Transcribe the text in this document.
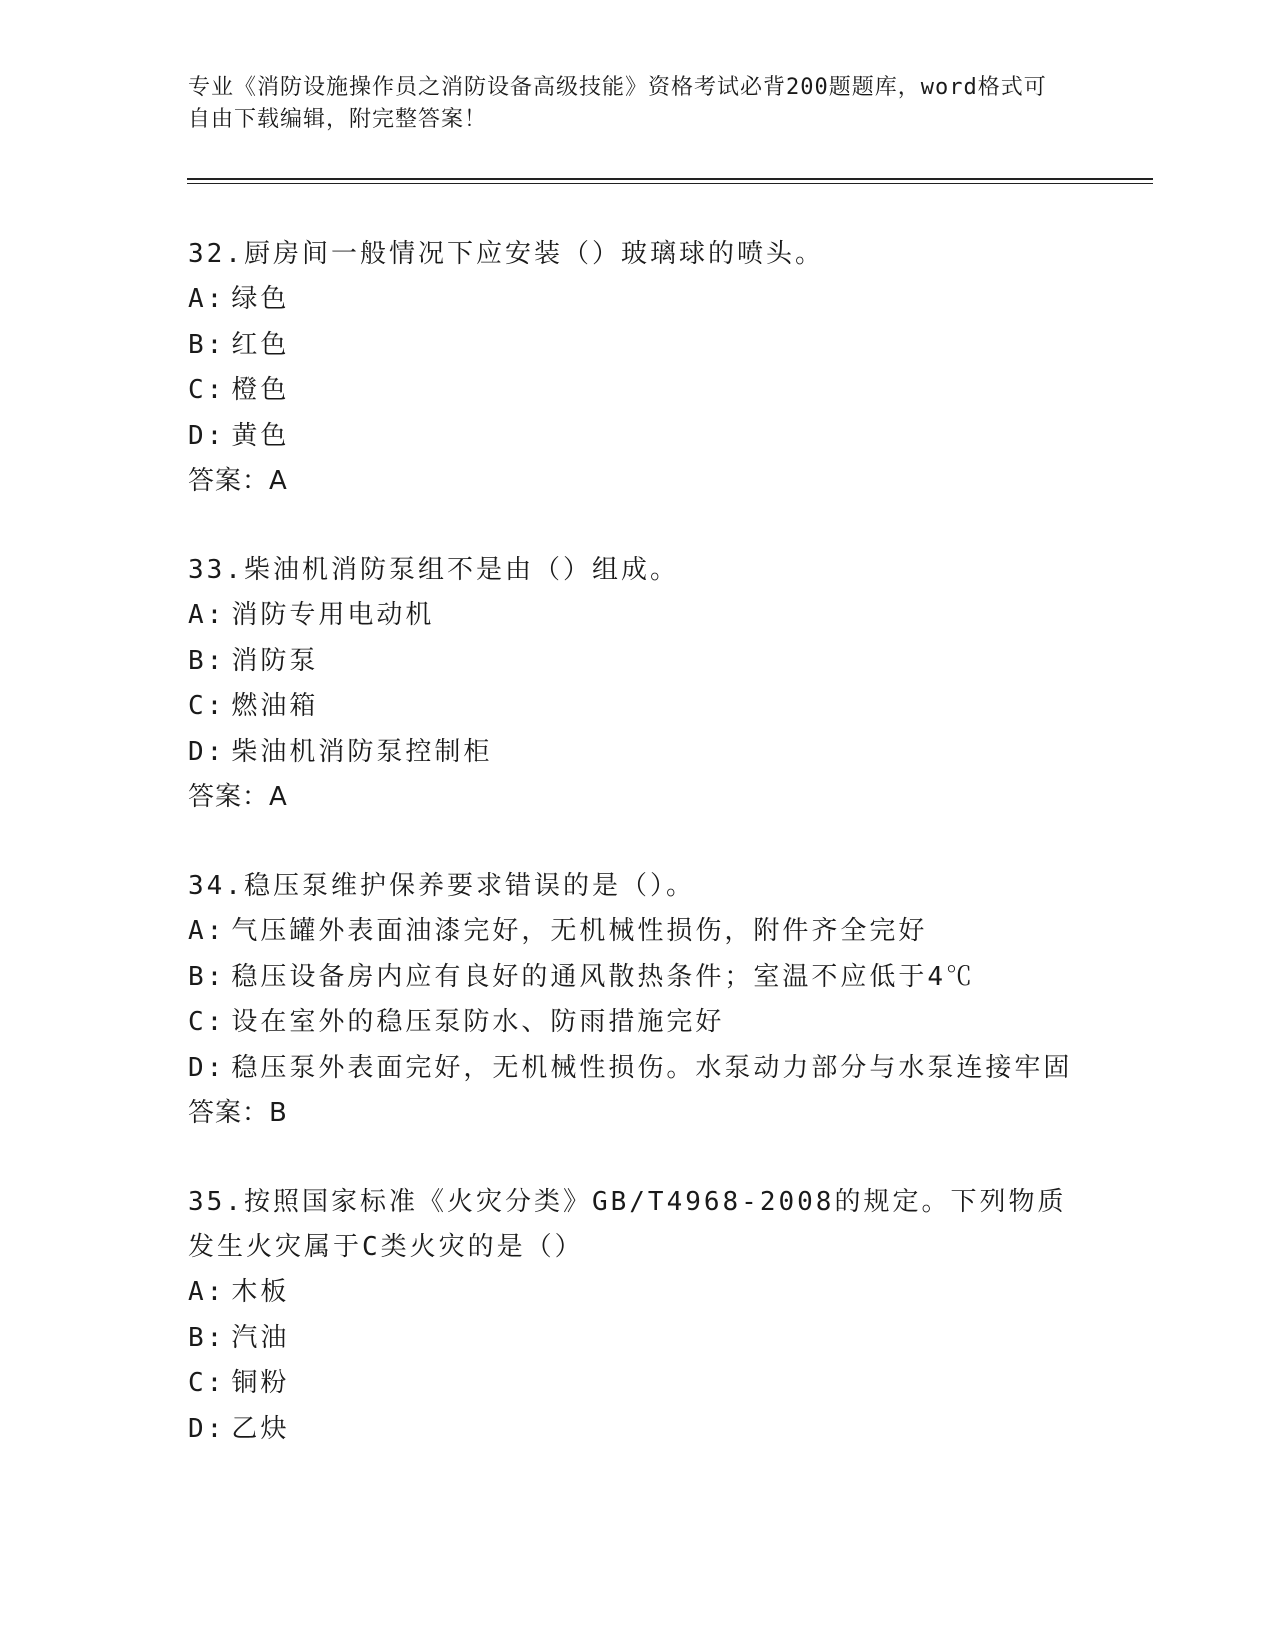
专业《消防设施操作员之消防设备高级技能》资格考试必背200题题库，word格式可自由下载编辑，附完整答案！
32.厨房间一般情况下应安装（）玻璃球的喷头。
A: 绿色
B: 红色
C: 橙色
D: 黄色
答案：A
33.柴油机消防泵组不是由（）组成。
A: 消防专用电动机
B: 消防泵
C: 燃油箱
D: 柴油机消防泵控制柜
答案：A
34.稳压泵维护保养要求错误的是（）。
A: 气压罐外表面油漆完好，无机械性损伤，附件齐全完好
B: 稳压设备房内应有良好的通风散热条件；室温不应低于4℃
C: 设在室外的稳压泵防水、防雨措施完好
D: 稳压泵外表面完好，无机械性损伤。水泵动力部分与水泵连接牢固
答案：B
35.按照国家标准《火灾分类》GB/T4968-2008的规定。下列物质发生火灾属于C类火灾的是（）
A: 木板
B: 汽油
C: 铜粉
D: 乙炔
